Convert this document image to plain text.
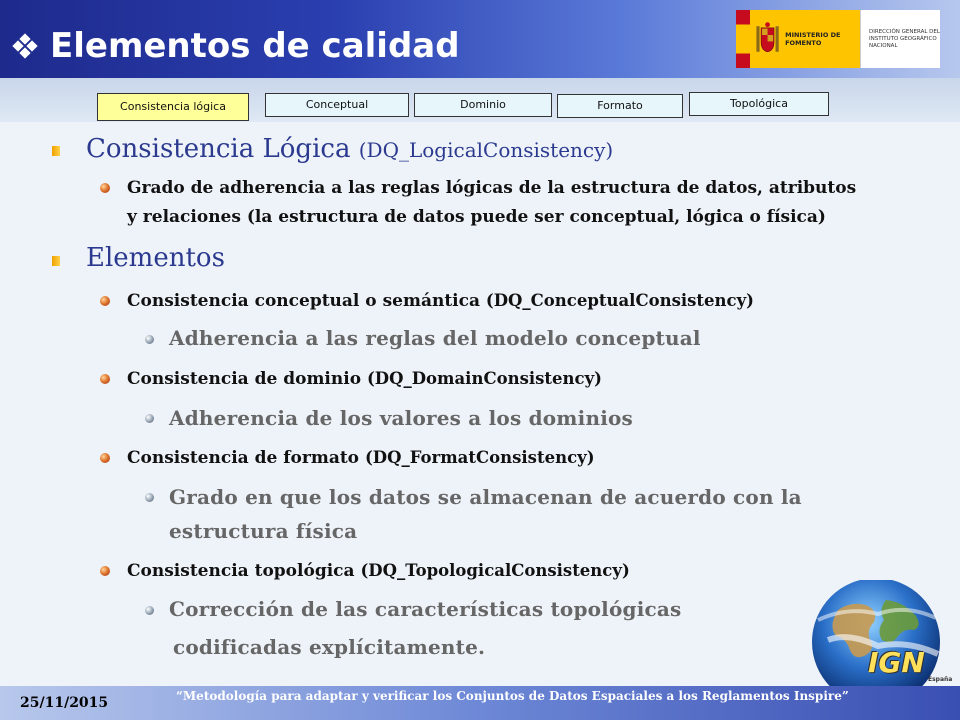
Elementos de calidad	MINISTERIO DE FOMENTO
DIRECCIÓN GENERAL DEL INSTITUTO GEOGRÁFICO NACIONAL
Consistencia lógica	Conceptual	Dominio	Formato	Topológica
Consistencia Lógica (DQ_LogicalConsistency)
Grado de adherencia a las reglas lógicas de la estructura de datos, atributos
y relaciones (la estructura de datos puede ser conceptual, lógica o física)
Elementos
Consistencia conceptual o semántica (DQ_ConceptualConsistency)
Adherencia a las reglas del modelo conceptual
Consistencia de dominio (DQ_DomainConsistency)
Adherencia de los valores a los dominios
Consistencia de formato (DQ_FormatConsistency)
Grado en que los datos se almacenan de acuerdo con la
estructura física
Consistencia topológica (DQ_TopologicalConsistency)
Corrección de las características topológicas
codificadas explícitamente.	IGN
España
25/11/2015	“Metodología para adaptar y verificar los Conjuntos de Datos Espaciales a los Reglamentos Inspire”
